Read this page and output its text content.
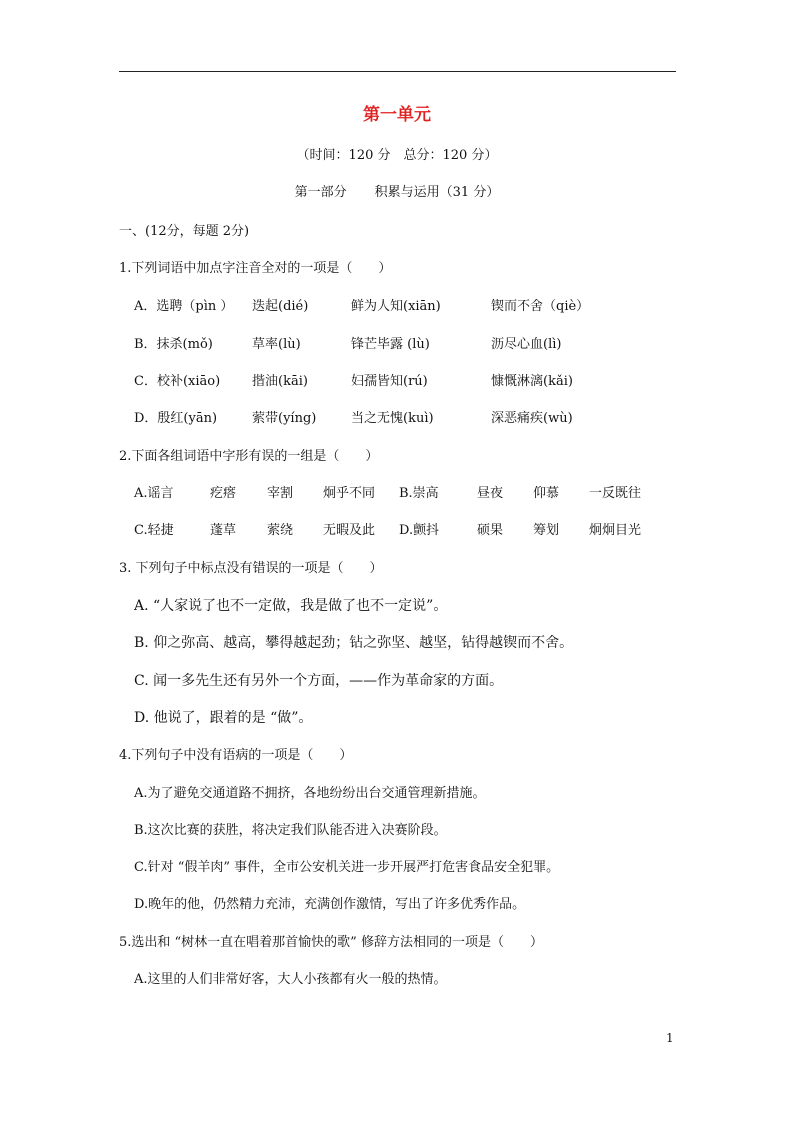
第一单元
（时间：120 分　总分：120 分）
第一部分 积累与运用（31 分）
一、(12分，每题 2分)
1.下列词语中加点字注音全对的一项是（　　）
A．选聘（pìn ） 迭起(dié)	鲜为人知(xiān)	锲而不舍（qiè）
B．抹杀(mǒ)	草率(lù)	锋芒毕露 (lù)	沥尽心血(lì)
C．校补(xiāo) 揩油(kāi)	妇孺皆知(rú)	慷慨淋漓(kǎi)
D．殷红(yān)	萦带(yíng)	当之无愧(kuì)	深恶痛疾(wù)
2.下面各组词语中字形有误的一组是（　　）
A.谣言	疙瘩 宰割 炯乎不同 B.崇高	昼夜 仰慕 一反既往
C.轻捷	蓬草 萦绕 无暇及此 D.颤抖	硕果 筹划 炯炯目光
3. 下列句子中标点没有错误的一项是（　　）
A. “人家说了也不一定做，我是做了也不一定说”。
B. 仰之弥高、越高，攀得越起劲；钻之弥坚、越坚，钻得越锲而不舍。
C. 闻一多先生还有另外一个方面，——作为革命家的方面。
D. 他说了，跟着的是 “做”。
4.下列句子中没有语病的一项是（　　）
A.为了避免交通道路不拥挤，各地纷纷出台交通管理新措施。
B.这次比赛的获胜，将决定我们队能否进入决赛阶段。
C.针对 “假羊肉” 事件，全市公安机关进一步开展严打危害食品安全犯罪。
D.晚年的他，仍然精力充沛，充满创作激情，写出了许多优秀作品。
5.选出和 “树林一直在唱着那首愉快的歌” 修辞方法相同的一项是（　　）
A.这里的人们非常好客，大人小孩都有火一般的热情。
1
